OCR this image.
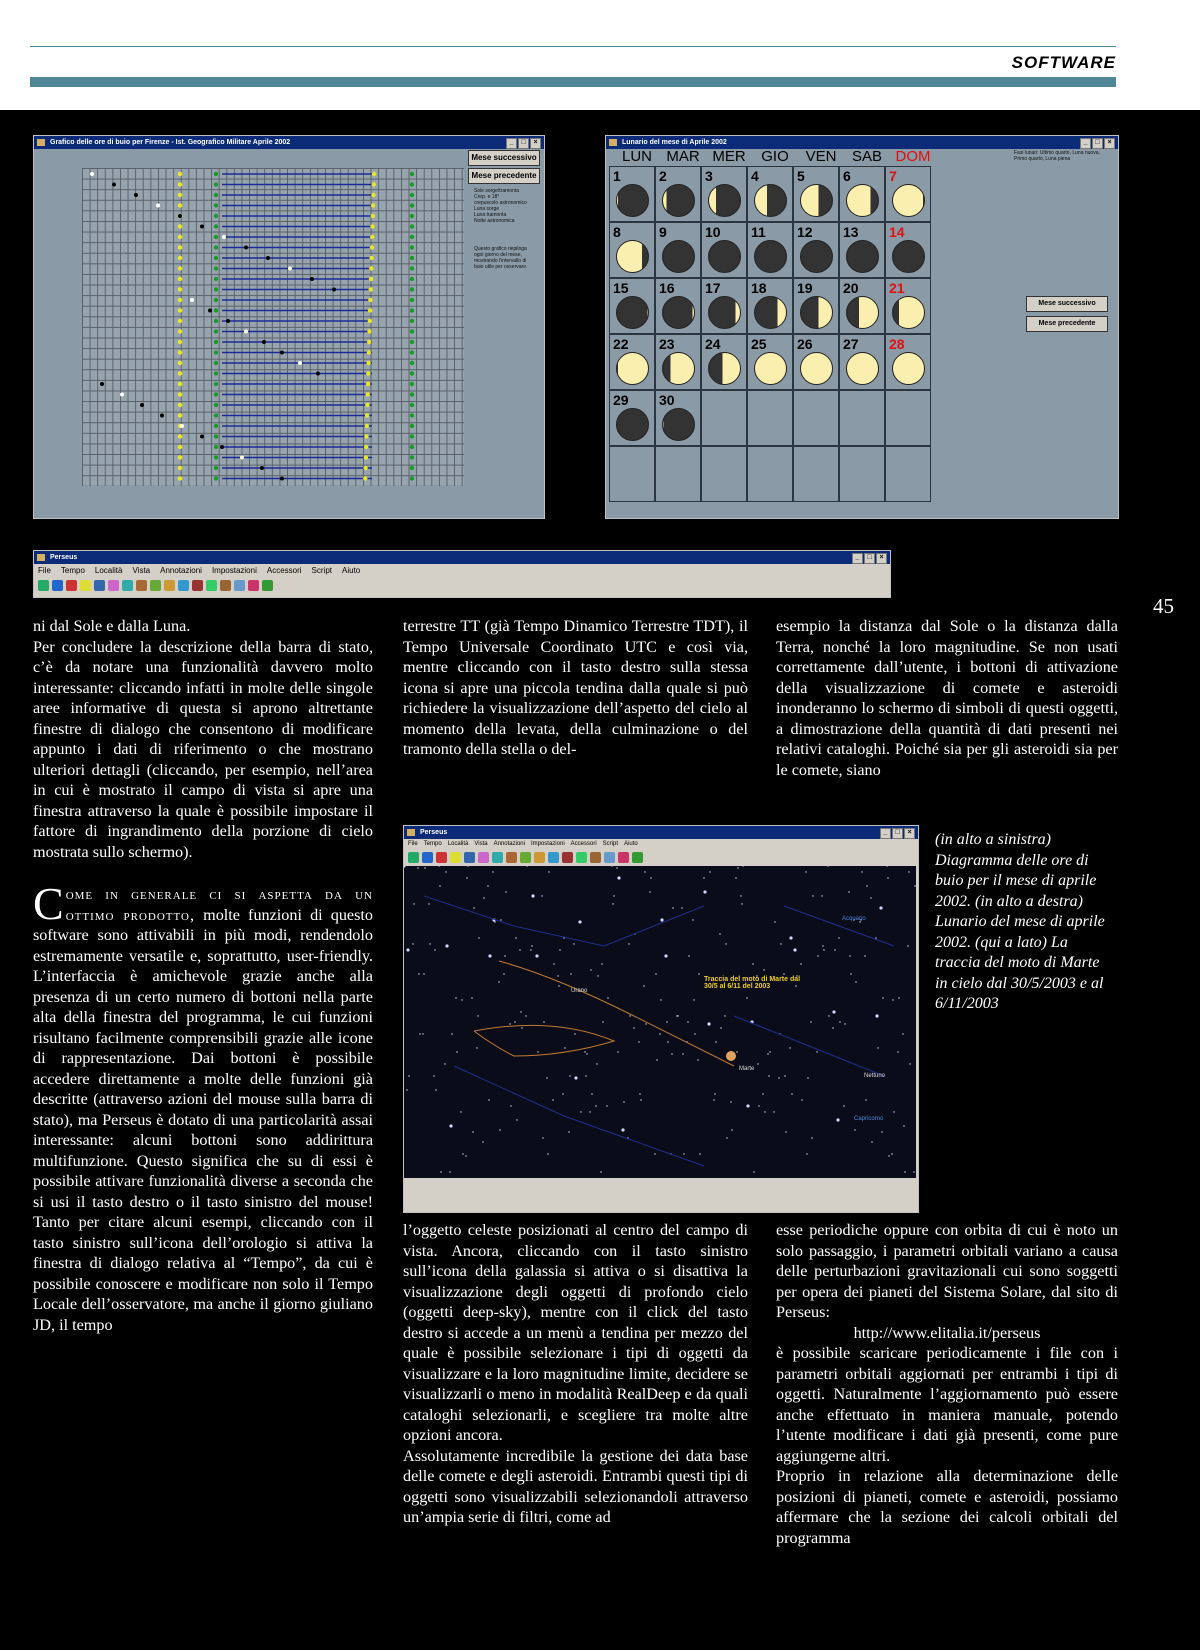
SOFTWARE
Grafico delle ore di buio per Firenze - Ist. Geografico Militare Aprile 2002	_	□	×
Mese successivo
Mese precedente
Sole sorge/tramonta
Crep. e 18°
crepuscolo astronomico
Luna sorge
Luna tramonta
Notte astronomica
Questo grafico riepiloga ogni giorno del mese, mostrando l'intervallo di buio utile per osservare.
Lunario del mese di Aprile 2002	_	□	×
LUN MAR MER	GIO	VEN	SAB DOM
1	2	3	4	5	6	7
8	9	10 11 12 13 14
15 16 17 18 19 20 21
22 23 24 25 26 27 28
29 30
Fasi lunari: Ultimo quarto, Luna nuova, Primo quarto, Luna piena
Mese successivo
Mese precedente
Perseus	_	□	×
File Tempo Località Vista Annotazioni Impostazioni Accessori Script Aiuto

ni dal Sole e dalla Luna.

Per concludere la descrizione della barra di stato, c’è da notare una funzionalità davvero molto interessante: cliccando infatti in molte delle singole aree informative di questa si aprono altrettante finestre di dialogo che consentono di modificare appunto i dati di riferimento o che mostrano ulteriori dettagli (cliccando, per esempio, nell’area in cui è mostrato il campo di vista si apre una finestra attraverso la quale è possibile impostare il fattore di ingrandimento della porzione di cielo mostrata sullo schermo).

Come in generale ci si aspetta da un ottimo prodotto, molte funzioni di questo software sono attivabili in più modi, rendendolo estremamente versatile e, soprattutto, user-friendly. L’interfaccia è amichevole grazie anche alla presenza di un certo numero di bottoni nella parte alta della finestra del programma, le cui funzioni risultano facilmente comprensibili grazie alle icone di rappresentazione. Dai bottoni è possibile accedere direttamente a molte delle funzioni già descritte (attraverso azioni del mouse sulla barra di stato), ma Perseus è dotato di una particolarità assai interessante: alcuni bottoni sono addirittura multifunzione. Questo significa che su di essi è possibile attivare funzionalità diverse a seconda che si usi il tasto destro o il tasto sinistro del mouse! Tanto per citare alcuni esempi, cliccando con il tasto sinistro sull’icona dell’orologio si attiva la finestra di dialogo relativa al “Tempo”, da cui è possibile conoscere e modificare non solo il Tempo Locale dell’osservatore, ma anche il giorno giuliano JD, il tempo

terrestre TT (già Tempo Dinamico Terrestre TDT), il Tempo Universale Coordinato UTC e così via, mentre cliccando con il tasto destro sulla stessa icona si apre una piccola tendina dalla quale si può richiedere la visualizzazione dell’aspetto del cielo al momento della levata, della culminazione o del tramonto della stella o del-

esempio la distanza dal Sole o la distanza dalla Terra, nonché la loro magnitudine. Se non usati correttamente dall’utente, i bottoni di attivazione della visualizzazione di comete e asteroidi inonderanno lo schermo di simboli di questi oggetti, a dimostrazione della quantità di dati presenti nei relativi cataloghi. Poiché sia per gli asteroidi sia per le comete, siano

Perseus	_	□	×
File Tempo Località Vista Annotazioni Impostazioni Accessori Script Aiuto
Traccia del moto di Marte dal 30/5 al 6/11 del 2003
Acquario
Marte
Nettuno
Capricorno
Urano
(in alto a sinistra) Diagramma delle ore di buio per il mese di aprile 2002. (in alto a destra) Lunario del mese di aprile 2002. (qui a lato) La traccia del moto di Marte in cielo dal 30/5/2003 e al 6/11/2003

l’oggetto celeste posizionati al centro del campo di vista. Ancora, cliccando con il tasto sinistro sull’icona della galassia si attiva o si disattiva la visualizzazione degli oggetti di profondo cielo (oggetti deep-sky), mentre con il click del tasto destro si accede a un menù a tendina per mezzo del quale è possibile selezionare i tipi di oggetti da visualizzare e la loro magnitudine limite, decidere se visualizzarli o meno in modalità RealDeep e da quali cataloghi selezionarli, e scegliere tra molte altre opzioni ancora.

Assolutamente incredibile la gestione dei data base delle comete e degli asteroidi. Entrambi questi tipi di oggetti sono visualizzabili selezionandoli attraverso un’ampia serie di filtri, come ad

esse periodiche oppure con orbita di cui è noto un solo passaggio, i parametri orbitali variano a causa delle perturbazioni gravitazionali cui sono soggetti per opera dei pianeti del Sistema Solare, dal sito di Perseus:

http://www.elitalia.it/perseus

è possibile scaricare periodicamente i file con i parametri orbitali aggiornati per entrambi i tipi di oggetti. Naturalmente l’aggiornamento può essere anche effettuato in maniera manuale, potendo l’utente modificare i dati già presenti, come pure aggiungerne altri.

Proprio in relazione alla determinazione delle posizioni di pianeti, comete e asteroidi, possiamo affermare che la sezione dei calcoli orbitali del programma

45
